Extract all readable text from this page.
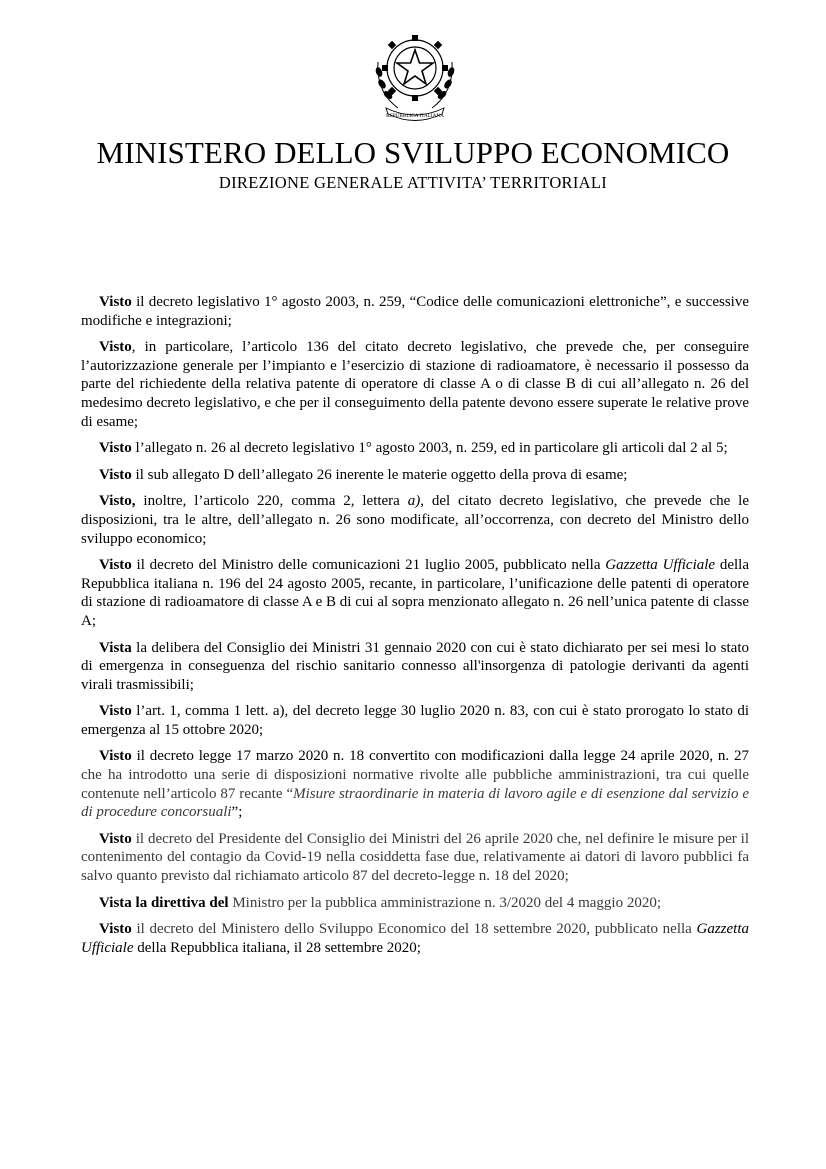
REPUBBLICA ITALIANA
MINISTERO DELLO SVILUPPO ECONOMICO
DIREZIONE GENERALE ATTIVITA’ TERRITORIALI

Visto il decreto legislativo 1° agosto 2003, n. 259, “Codice delle comunicazioni elettroniche”, e successive modifiche e integrazioni;

Visto, in particolare, l’articolo 136 del citato decreto legislativo, che prevede che, per conseguire l’autorizzazione generale per l’impianto e l’esercizio di stazione di radioamatore, è necessario il possesso da parte del richiedente della relativa patente di operatore di classe A o di classe B di cui all’allegato n. 26 del medesimo decreto legislativo, e che per il conseguimento della patente devono essere superate le relative prove di esame;

Visto l’allegato n. 26 al decreto legislativo 1° agosto 2003, n. 259, ed in particolare gli articoli dal 2 al 5;

Visto il sub allegato D dell’allegato 26 inerente le materie oggetto della prova di esame;

Visto, inoltre, l’articolo 220, comma 2, lettera a), del citato decreto legislativo, che prevede che le disposizioni, tra le altre, dell’allegato n. 26 sono modificate, all’occorrenza, con decreto del Ministro dello sviluppo economico;

Visto il decreto del Ministro delle comunicazioni 21 luglio 2005, pubblicato nella Gazzetta Ufficiale della Repubblica italiana n. 196 del 24 agosto 2005, recante, in particolare, l’unificazione delle patenti di operatore di stazione di radioamatore di classe A e B di cui al sopra menzionato allegato n. 26 nell’unica patente di classe A;

Vista la delibera del Consiglio dei Ministri 31 gennaio 2020 con cui è stato dichiarato per sei mesi lo stato di emergenza in conseguenza del rischio sanitario connesso all'insorgenza di patologie derivanti da agenti virali trasmissibili;

Visto l’art. 1, comma 1 lett. a), del decreto legge 30 luglio 2020 n. 83, con cui è stato prorogato lo stato di emergenza al 15 ottobre 2020;

Visto il decreto legge 17 marzo 2020 n. 18 convertito con modificazioni dalla legge 24 aprile 2020, n. 27 che ha introdotto una serie di disposizioni normative rivolte alle pubbliche amministrazioni, tra cui quelle contenute nell’articolo 87 recante “Misure straordinarie in materia di lavoro agile e di esenzione dal servizio e di procedure concorsuali”;

Visto il decreto del Presidente del Consiglio dei Ministri del 26 aprile 2020 che, nel definire le misure per il contenimento del contagio da Covid-19 nella cosiddetta fase due, relativamente ai datori di lavoro pubblici fa salvo quanto previsto dal richiamato articolo 87 del decreto-legge n. 18 del 2020;

Vista la direttiva del Ministro per la pubblica amministrazione n. 3/2020 del 4 maggio 2020;

Visto il decreto del Ministero dello Sviluppo Economico del 18 settembre 2020, pubblicato nella Gazzetta Ufficiale della Repubblica italiana, il 28 settembre 2020;
